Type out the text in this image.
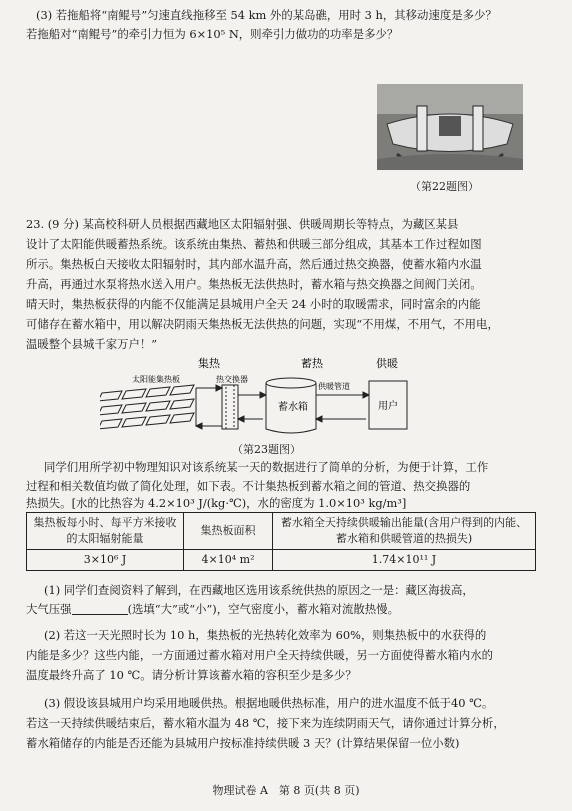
(3) 若拖船将“南鲲号”匀速直线拖移至 54 km 外的某岛礁，用时 3 h，其移动速度是多少？
若拖船对“南鲲号”的牵引力恒为 6×10⁵ N，则牵引力做功的功率是多少？
（第22题图）
23. (9 分) 某高校科研人员根据西藏地区太阳辐射强、供暖周期长等特点，为藏区某县
设计了太阳能供暖蓄热系统。该系统由集热、蓄热和供暖三部分组成，其基本工作过程如图
所示。集热板白天接收太阳辐射时，其内部水温升高，然后通过热交换器，使蓄水箱内水温
升高，再通过水泵将热水送入用户。集热板无法供热时，蓄水箱与热交换器之间阀门关闭。
晴天时，集热板获得的内能不仅能满足县城用户全天 24 小时的取暖需求，同时富余的内能
可储存在蓄水箱中，用以解决阴雨天集热板无法供热的问题，实现“不用煤，不用气，不用电，
温暖整个县城千家万户！”
集热	蓄热	供暖
太阳能集热板	热交换器
蓄水箱
供暖管道
用户
（第23题图）
同学们用所学初中物理知识对该系统某一天的数据进行了简单的分析，为便于计算，工作
过程和相关数值均做了简化处理，如下表。不计集热板到蓄水箱之间的管道、热交换器的
热损失。[水的比热容为 4.2×10³ J/(kg·℃)，水的密度为 1.0×10³ kg/m³]
集热板每小时、每平方米接收的太阳辐射能量	集热板面积	蓄水箱全天持续供暖输出能量(含用户得到的内能、蓄水箱和供暖管道的热损失)
3×10⁶ J	4×10⁴ m²	1.74×10¹¹ J
(1) 同学们查阅资料了解到，在西藏地区选用该系统供热的原因之一是：藏区海拔高，
大气压强	(选填“大”或“小”)，空气密度小，蓄水箱对流散热慢。
(2) 若这一天光照时长为 10 h，集热板的光热转化效率为 60%，则集热板中的水获得的
内能是多少？这些内能，一方面通过蓄水箱对用户全天持续供暖，另一方面使得蓄水箱内水的
温度最终升高了 10 ℃。请分析计算该蓄水箱的容积至少是多少？
(3) 假设该县城用户均采用地暖供热。根据地暖供热标准，用户的进水温度不低于40 ℃。
若这一天持续供暖结束后，蓄水箱水温为 48 ℃，接下来为连续阴雨天气，请你通过计算分析，
蓄水箱储存的内能是否还能为县城用户按标准持续供暖 3 天？(计算结果保留一位小数)
物理试卷 A　第 8 页(共 8 页)
